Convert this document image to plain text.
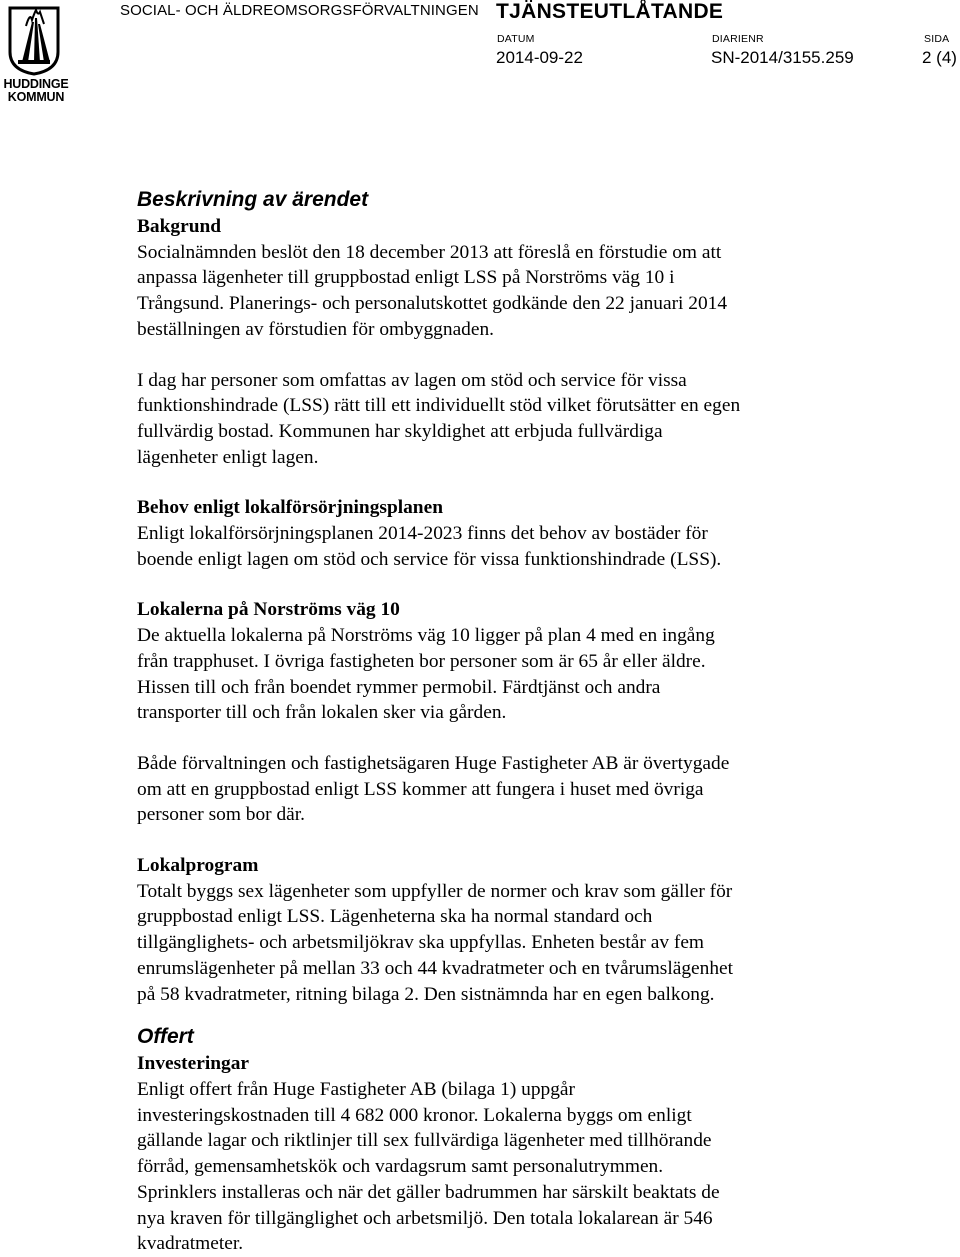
HUDDINGE
KOMMUN
SOCIAL- OCH ÄLDREOMSORGSFÖRVALTNINGEN TJÄNSTEUTLÅTANDE
DATUM
2014-09-22
DIARIENR
SN-2014/3155.259
SIDA
2 (4)
Beskrivning av ärendet
Bakgrund
Socialnämnden beslöt den 18 december 2013 att föreslå en förstudie om att
anpassa lägenheter till gruppbostad enligt LSS på Norströms väg 10 i
Trångsund. Planerings- och personalutskottet godkände den 22 januari 2014
beställningen av förstudien för ombyggnaden.
I dag har personer som omfattas av lagen om stöd och service för vissa
funktionshindrade (LSS) rätt till ett individuellt stöd vilket förutsätter en egen
fullvärdig bostad. Kommunen har skyldighet att erbjuda fullvärdiga
lägenheter enligt lagen.
Behov enligt lokalförsörjningsplanen
Enligt lokalförsörjningsplanen 2014-2023 finns det behov av bostäder för
boende enligt lagen om stöd och service för vissa funktionshindrade (LSS).
Lokalerna på Norströms väg 10
De aktuella lokalerna på Norströms väg 10 ligger på plan 4 med en ingång
från trapphuset. I övriga fastigheten bor personer som är 65 år eller äldre.
Hissen till och från boendet rymmer permobil. Färdtjänst och andra
transporter till och från lokalen sker via gården.
Både förvaltningen och fastighetsägaren Huge Fastigheter AB är övertygade
om att en gruppbostad enligt LSS kommer att fungera i huset med övriga
personer som bor där.
Lokalprogram
Totalt byggs sex lägenheter som uppfyller de normer och krav som gäller för
gruppbostad enligt LSS. Lägenheterna ska ha normal standard och
tillgänglighets- och arbetsmiljökrav ska uppfyllas. Enheten består av fem
enrumslägenheter på mellan 33 och 44 kvadratmeter och en tvårumslägenhet
på 58 kvadratmeter, ritning bilaga 2. Den sistnämnda har en egen balkong.
Offert
Investeringar
Enligt offert från Huge Fastigheter AB (bilaga 1) uppgår
investeringskostnaden till 4 682 000 kronor. Lokalerna byggs om enligt
gällande lagar och riktlinjer till sex fullvärdiga lägenheter med tillhörande
förråd, gemensamhetskök och vardagsrum samt personalutrymmen.
Sprinklers installeras och när det gäller badrummen har särskilt beaktats de
nya kraven för tillgänglighet och arbetsmiljö. Den totala lokalarean är 546
kvadratmeter.
